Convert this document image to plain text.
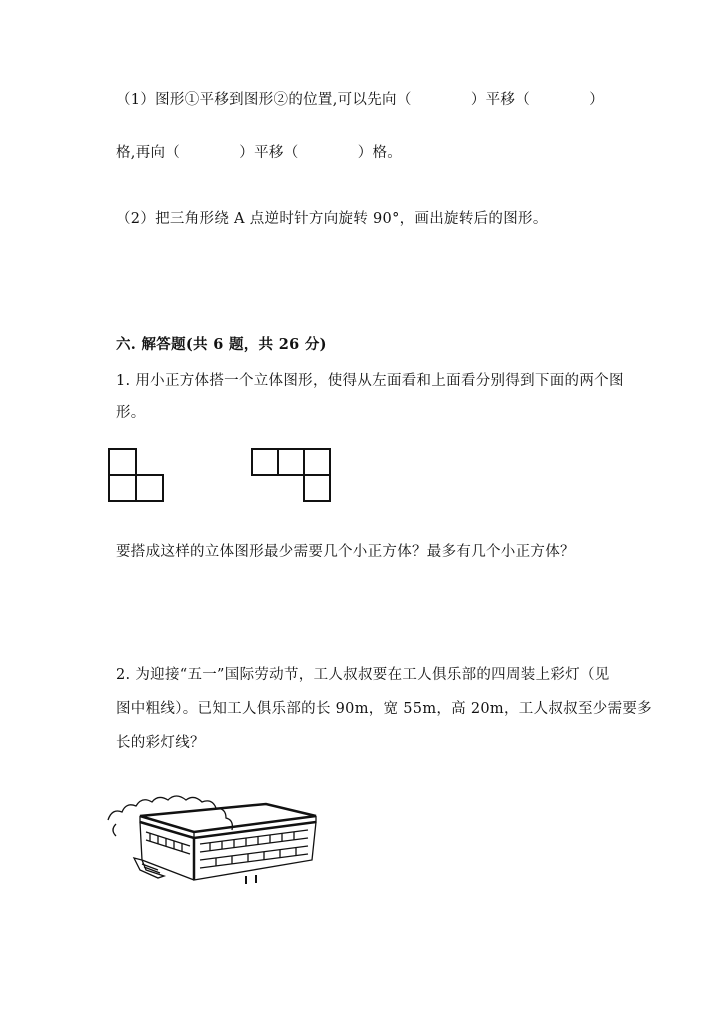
（1）图形①平移到图形②的位置,可以先向（　　　　）平移（　　　　）
格,再向（　　　　）平移（　　　　）格。
（2）把三角形绕 A 点逆时针方向旋转 90°，画出旋转后的图形。
六. 解答题(共 6 题，共 26 分)
1. 用小正方体搭一个立体图形，使得从左面看和上面看分别得到下面的两个图
形。
要搭成这样的立体图形最少需要几个小正方体？最多有几个小正方体？
2. 为迎接“五一”国际劳动节，工人叔叔要在工人俱乐部的四周装上彩灯（见
图中粗线）。已知工人俱乐部的长 90m，宽 55m，高 20m，工人叔叔至少需要多
长的彩灯线？
